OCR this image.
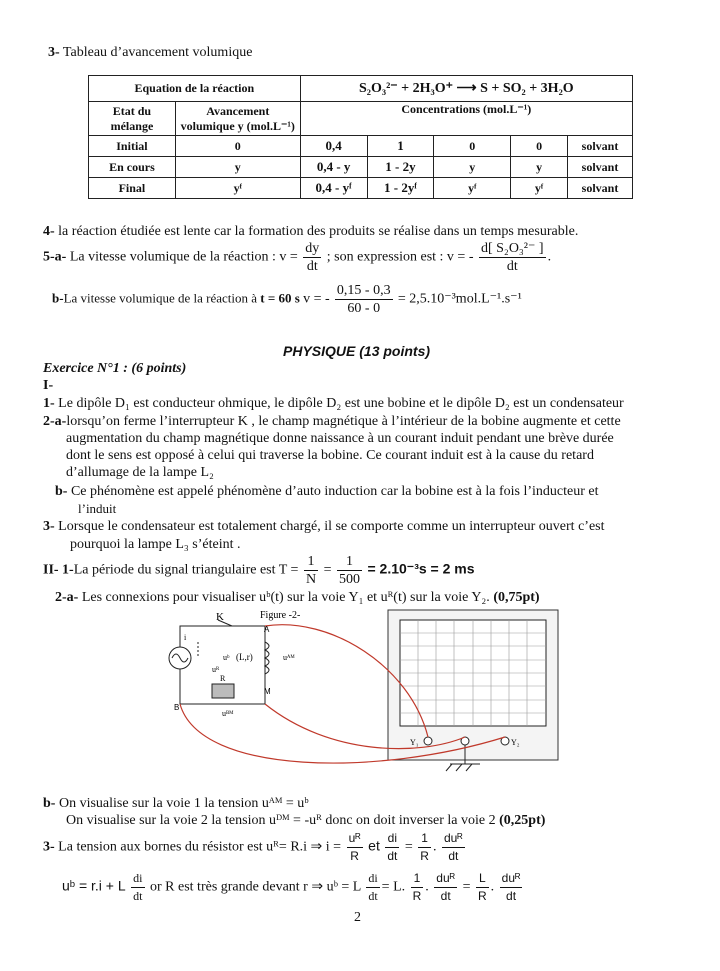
3- Tableau d’avancement volumique
Equation de la réaction		S₂O₃²⁻ + 2H₃O⁺ ⟶ S + SO₂ + 3H₂O				
Etat du mélange	Avancement volumique y (mol.L⁻¹)	Concentrations (mol.L⁻¹)				
Initial	0	0,4	1	0	0	solvant
En cours	y	0,4 - y	1 - 2y	y	y	solvant
Final	yᶠ	0,4 - yᶠ	1 - 2yᶠ	yᶠ	yᶠ	solvant
4- la réaction étudiée est lente car la formation des produits se réalise dans un temps mesurable.
5-a- La vitesse volumique de la réaction : $v = \frac{dy}{dt}$ ; son expression est : v = - $\frac{\text{d[ S₂O₃²⁻ ]}}{dt}$ .
b-La vitesse volumique de la réaction à t = 60 s v = - $\frac{0,15 - 0,3}{60 - 0} = 2,5.10^{-3}mol.L^{-1}.s^{-1}$
PHYSIQUE (13 points)
Exercice N°1 : (6 points)
I-
1- Le dipôle D₁ est conducteur ohmique, le dipôle D₂ est une bobine et le dipôle D₂ est un condensateur
2-a-lorsqu’on ferme l’interrupteur K , le champ magnétique à l’intérieur de la bobine augmente et cette
augmentation du champ magnétique donne naissance à un courant induit pendant une brève durée
dont le sens est opposé à celui qui traverse la bobine. Ce courant induit est à la cause du retard
d’allumage de la lampe L₂
b- Ce phénomène est appelé phénomène d’auto induction car la bobine est à la fois l’inducteur et
l’induit
3- Lorsque le condensateur est totalement chargé, il se comporte comme un interrupteur ouvert c’est
pourquoi la lampe L₃ s’éteint .
II- 1-La période du signal triangulaire est $T = \frac{1}{N} = \frac{1}{500} = 2.10^{-3}s = 2$ ms
2-a- Les connexions pour visualiser uᵇ(t) sur la voie Y₁ et uᴿ(t) sur la voie Y₂. (0,75pt)
K	Figure -2-
A
M
B
i
(L,r)
uᵇ
uᴿ
R
uᴬᴹ
uᴮᴹ
Y₁	Y₂
b- On visualise sur la voie 1 la tension uᴬᴹ = uᵇ
On visualise sur la voie 2 la tension uᴰᴹ = -uᴿ donc on doit inverser la voie 2 (0,25pt)
3- La tension aux bornes du résistor est uᴿ= R.i ⇒ $i = \frac{\text{uᴿ}}{R}$ et $\frac{di}{dt} = \frac{1}{R}$ . $\frac{\text{duᴿ}}{dt}$
uᵇ = r.i + L $\frac{di}{dt}$ or R est très grande devant r ⇒ uᵇ = L $\frac{di}{dt} = L$. $\frac{1}{R}$ . $\frac{\text{duᴿ}}{dt} = \frac{L}{R}$ . $\frac{\text{duᴿ}}{dt}$
2
